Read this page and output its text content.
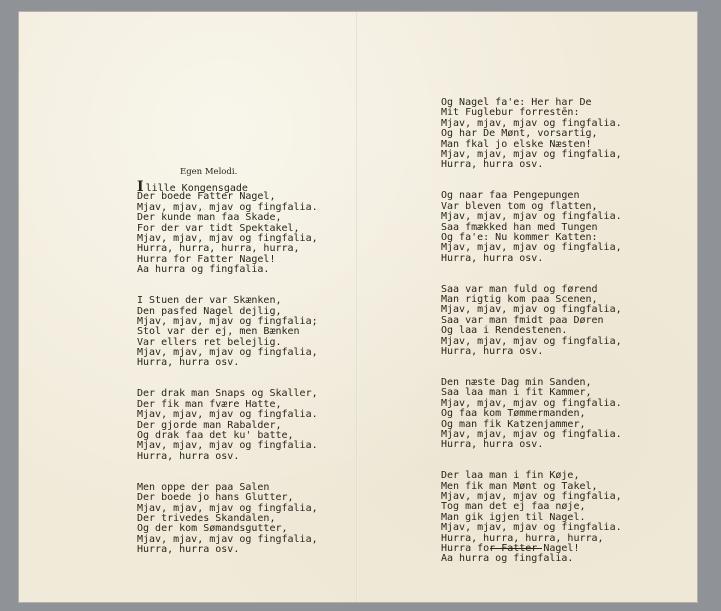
​
Egen Melodi.
I lille Kongensgade
Der boede Fatter Nagel,
Mjav, mjav, mjav og fingfalia.
Der kunde man faa Skade,
For der var tidt Spektakel,
Mjav, mjav, mjav og fingfalia,
Hurra, hurra, hurra, hurra,
Hurra for Fatter Nagel!
Aa hurra og fingfalia.
I Stuen der var Skænken,
Den pasfed Nagel dejlig,
Mjav, mjav, mjav og fingfalia;
Stol var der ej, men Bænken
Var ellers ret belejlig.
Mjav, mjav, mjav og fingfalia,
Hurra, hurra osv.
Der drak man Snaps og Skaller,
Der fik man fvære Hatte,
Mjav, mjav, mjav og fingfalia.
Der gjorde man Rabalder,
Og drak faa det ku' batte,
Mjav, mjav, mjav og fingfalia.
Hurra, hurra osv.
Men oppe der paa Salen
Der boede jo hans Glutter,
Mjav, mjav, mjav og fingfalia,
Der trivedes Skandalen,
Og der kom Sømandsgutter,
Mjav, mjav, mjav og fingfalia,
Hurra, hurra osv.
Og Nagel fa'e: Her har De
Mit Fuglebur forrestēn:
Mjav, mjav, mjav og fingfalia.
Og har De Mønt, vorsartig,
Man fkal jo elske Næsten!
Mjav, mjav, mjav og fingfalia,
Hurra, hurra osv.
Og naar faa Pengepungen
Var bleven tom og flatten,
Mjav, mjav, mjav og fingfalia.
Saa fmækked han med Tungen
Og fa'e: Nu kommer Katten:
Mjav, mjav, mjav og fingfalia,
Hurra, hurra osv.
Saa var man fuld og førend
Man rigtig kom paa Scenen,
Mjav, mjav, mjav og fingfalia,
Saa var man fmidt paa Døren
Og laa i Rendestenen.
Mjav, mjav, mjav og fingfalia,
Hurra, hurra osv.
Den næste Dag min Sanden,
Saa laa man i fit Kammer,
Mjav, mjav, mjav og fingfalia.
Og faa kom Tømmermanden,
Og man fik Katzenjammer,
Mjav, mjav, mjav og fingfalia.
Hurra, hurra osv.
Der laa man i fin Køje,
Men fik man Mønt og Takel,
Mjav, mjav, mjav og fingfalia,
Tog man det ej faa nøje,
Man gik igjen til Nagel.
Mjav, mjav, mjav og fingfalia.
Hurra, hurra, hurra, hurra,
Hurra for Fatter Nagel!
Aa hurra og fingfalia.
